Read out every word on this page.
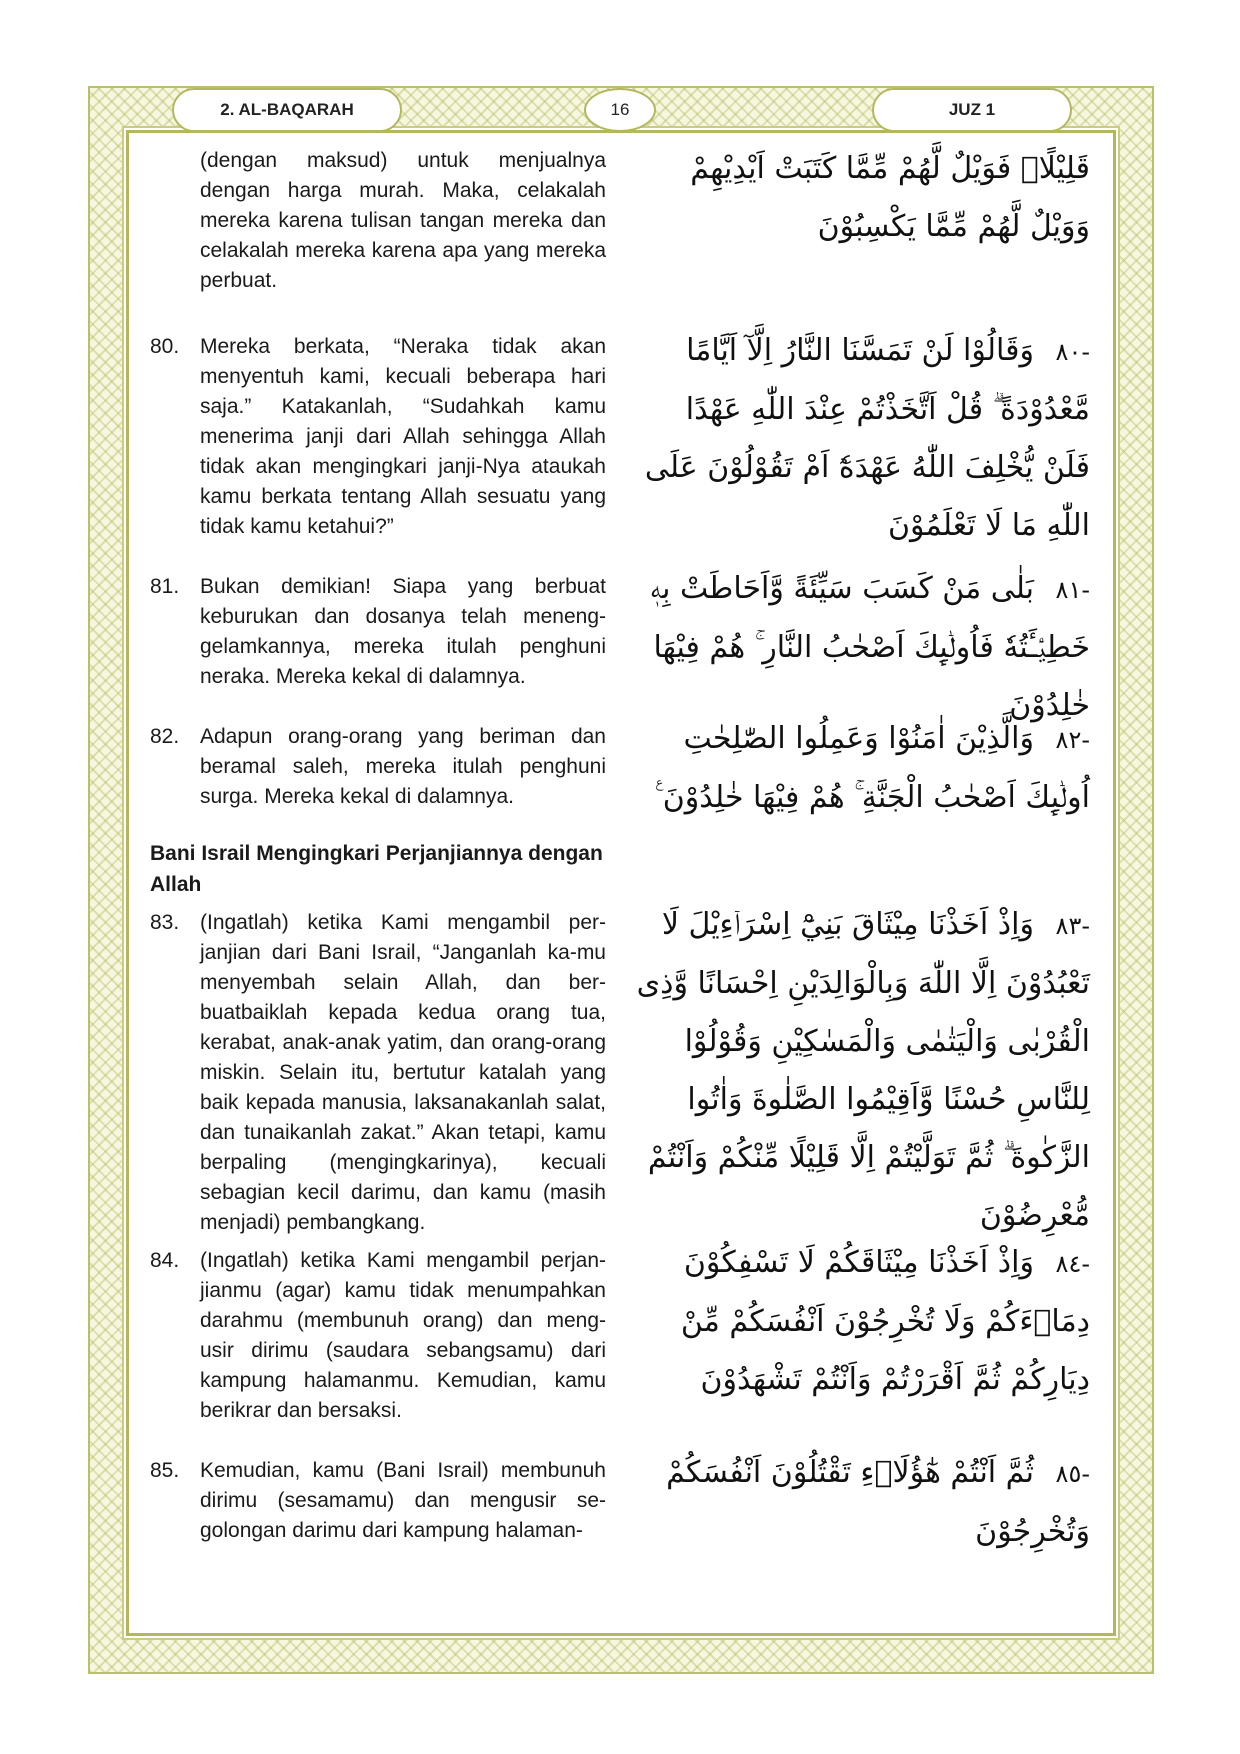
2. AL-BAQARAH	16	JUZ 1
(dengan maksud) untuk menjualnya dengan harga murah. Maka, celakalah mereka karena tulisan tangan mereka dan celakalah mereka karena apa yang mereka perbuat.
قَلِيْلًاۗ فَوَيْلٌ لَّهُمْ مِّمَّا كَتَبَتْ اَيْدِيْهِمْ وَوَيْلٌ لَّهُمْ مِّمَّا يَكْسِبُوْنَ
80. Mereka berkata, “Neraka tidak akan menyentuh kami, kecuali beberapa hari saja.” Katakanlah, “Sudahkah kamu menerima janji dari Allah sehingga Allah tidak akan mengingkari janji-Nya ataukah kamu berkata tentang Allah sesuatu yang tidak kamu ketahui?”
-٨٠ وَقَالُوْا لَنْ تَمَسَّنَا النَّارُ اِلَّآ اَيَّامًا مَّعْدُوْدَةً ۗ قُلْ اَتَّخَذْتُمْ عِنْدَ اللّٰهِ عَهْدًا فَلَنْ يُّخْلِفَ اللّٰهُ عَهْدَهٗٓ اَمْ تَقُوْلُوْنَ عَلَى اللّٰهِ مَا لَا تَعْلَمُوْنَ
81. Bukan demikian! Siapa yang berbuat keburukan dan dosanya telah meneng-gelamkannya, mereka itulah penghuni neraka. Mereka kekal di dalamnya.
-٨١ بَلٰى مَنْ كَسَبَ سَيِّئَةً وَّاَحَاطَتْ بِهٖ خَطِيْۤـَٔتُهٗ فَاُولٰۤىِٕكَ اَصْحٰبُ النَّارِ ۚ هُمْ فِيْهَا خٰلِدُوْنَ
82. Adapun orang-orang yang beriman dan beramal saleh, mereka itulah penghuni surga. Mereka kekal di dalamnya.
-٨٢ وَالَّذِيْنَ اٰمَنُوْا وَعَمِلُوا الصّٰلِحٰتِ اُولٰۤىِٕكَ اَصْحٰبُ الْجَنَّةِ ۚ هُمْ فِيْهَا خٰلِدُوْنَ ࣖ
Bani Israil Mengingkari Perjanjiannya dengan Allah
83. (Ingatlah) ketika Kami mengambil per-janjian dari Bani Israil, “Janganlah ka-mu menyembah selain Allah, dan ber-buatbaiklah kepada kedua orang tua, kerabat, anak-anak yatim, dan orang-orang miskin. Selain itu, bertutur katalah yang baik kepada manusia, laksanakanlah salat, dan tunaikanlah zakat.” Akan tetapi, kamu berpaling (mengingkarinya), kecuali sebagian kecil darimu, dan kamu (masih menjadi) pembangkang.
-٨٣ وَاِذْ اَخَذْنَا مِيْثَاقَ بَنِيْٓ اِسْرَاۤءِيْلَ لَا تَعْبُدُوْنَ اِلَّا اللّٰهَ وَبِالْوَالِدَيْنِ اِحْسَانًا وَّذِى الْقُرْبٰى وَالْيَتٰمٰى وَالْمَسٰكِيْنِ وَقُوْلُوْا لِلنَّاسِ حُسْنًا وَّاَقِيْمُوا الصَّلٰوةَ وَاٰتُوا الزَّكٰوةَ ۗ ثُمَّ تَوَلَّيْتُمْ اِلَّا قَلِيْلًا مِّنْكُمْ وَاَنْتُمْ مُّعْرِضُوْنَ
84. (Ingatlah) ketika Kami mengambil perjan-jianmu (agar) kamu tidak menumpahkan darahmu (membunuh orang) dan meng-usir dirimu (saudara sebangsamu) dari kampung halamanmu. Kemudian, kamu berikrar dan bersaksi.
-٨٤ وَاِذْ اَخَذْنَا مِيْثَاقَكُمْ لَا تَسْفِكُوْنَ دِمَاۤءَكُمْ وَلَا تُخْرِجُوْنَ اَنْفُسَكُمْ مِّنْ دِيَارِكُمْ ثُمَّ اَقْرَرْتُمْ وَاَنْتُمْ تَشْهَدُوْنَ
85. Kemudian, kamu (Bani Israil) membunuh dirimu (sesamamu) dan mengusir se-golongan darimu dari kampung halaman-
-٨٥ ثُمَّ اَنْتُمْ هٰٓؤُلَاۤءِ تَقْتُلُوْنَ اَنْفُسَكُمْ وَتُخْرِجُوْنَ
